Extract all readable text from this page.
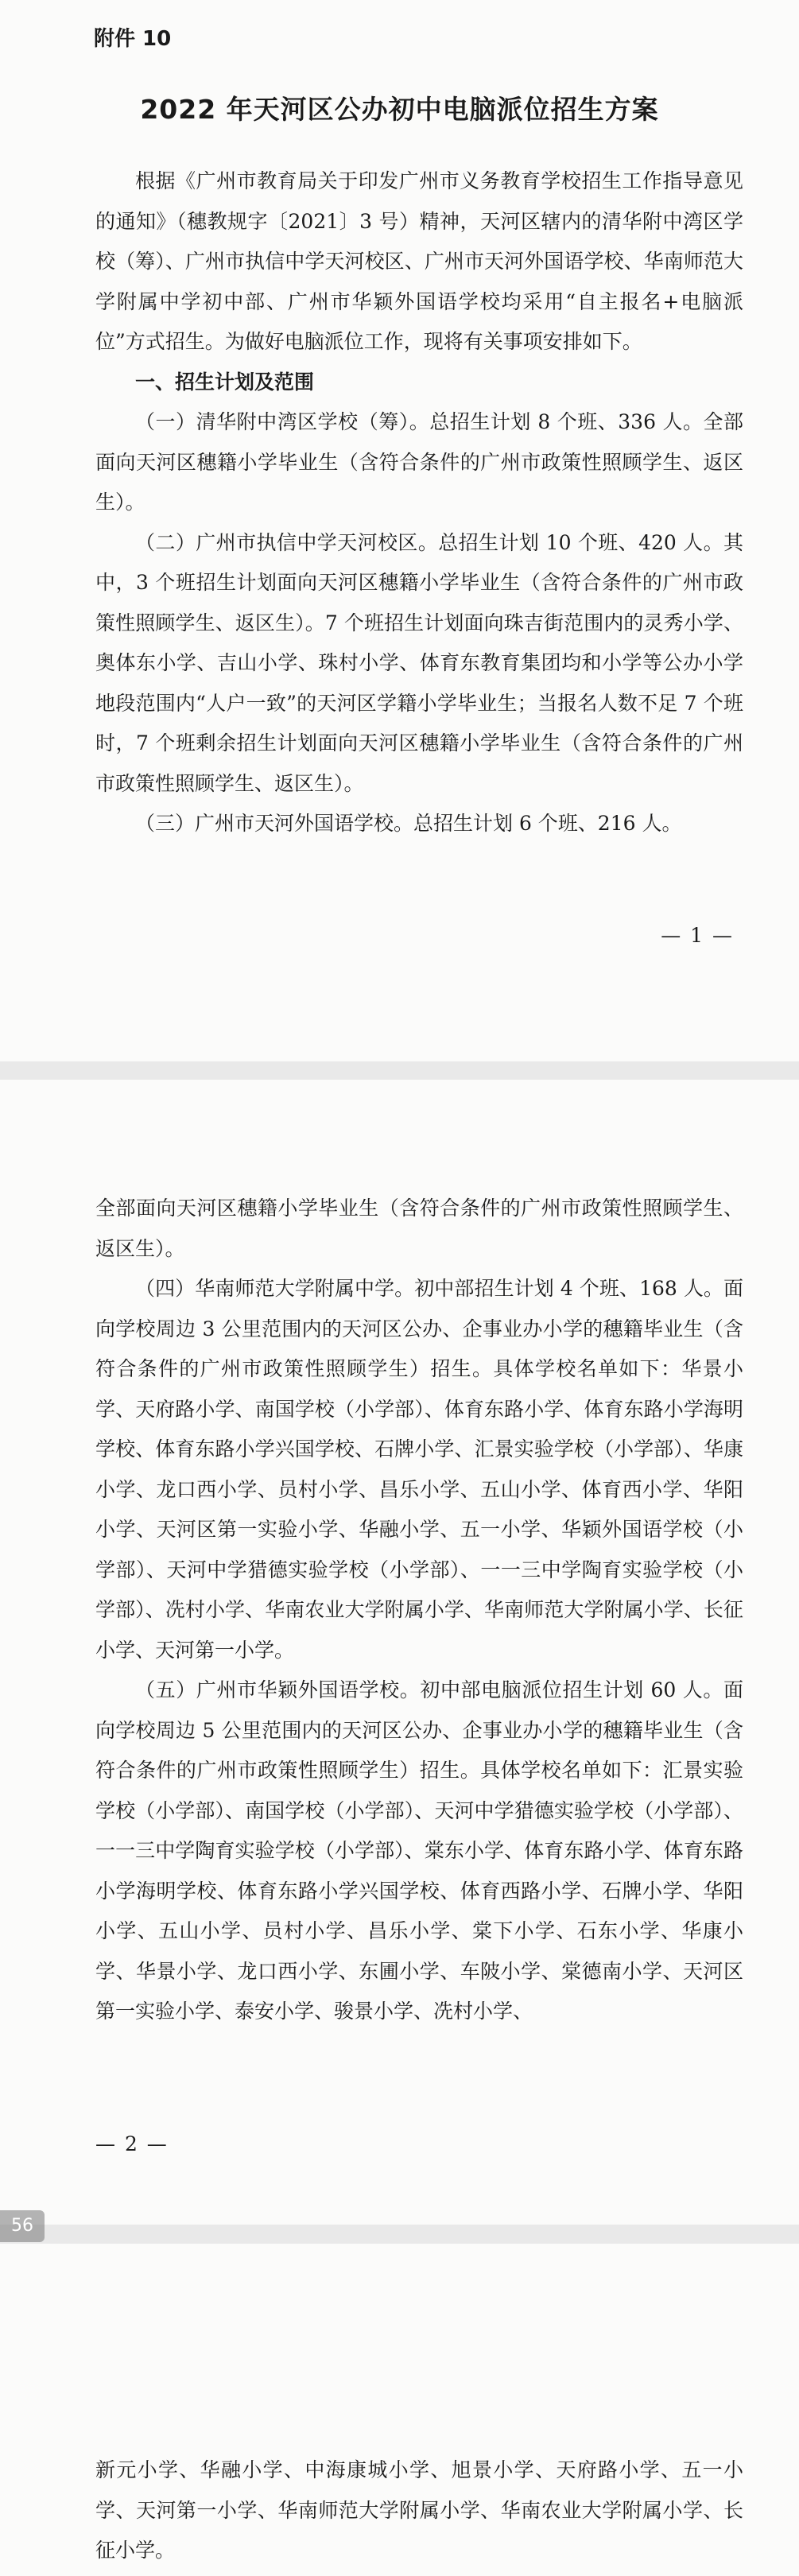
附件 10
2022 年天河区公办初中电脑派位招生方案

根据《广州市教育局关于印发广州市义务教育学校招生工作指导意见的通知》（穗教规字〔2021〕3 号）精神，天河区辖内的清华附中湾区学校（筹）、广州市执信中学天河校区、广州市天河外国语学校、华南师范大学附属中学初中部、广州市华颖外国语学校均采用“自主报名+电脑派位”方式招生。为做好电脑派位工作，现将有关事项安排如下。

一、招生计划及范围

（一）清华附中湾区学校（筹）。总招生计划 8 个班、336 人。全部面向天河区穗籍小学毕业生（含符合条件的广州市政策性照顾学生、返区生）。

（二）广州市执信中学天河校区。总招生计划 10 个班、420 人。其中，3 个班招生计划面向天河区穗籍小学毕业生（含符合条件的广州市政策性照顾学生、返区生）。7 个班招生计划面向珠吉街范围内的灵秀小学、奥体东小学、吉山小学、珠村小学、体育东教育集团均和小学等公办小学地段范围内“人户一致”的天河区学籍小学毕业生；当报名人数不足 7 个班时，7 个班剩余招生计划面向天河区穗籍小学毕业生（含符合条件的广州市政策性照顾学生、返区生）。

（三）广州市天河外国语学校。总招生计划 6 个班、216 人。

— 1 —

全部面向天河区穗籍小学毕业生（含符合条件的广州市政策性照顾学生、返区生）。

（四）华南师范大学附属中学。初中部招生计划 4 个班、168 人。面向学校周边 3 公里范围内的天河区公办、企事业办小学的穗籍毕业生（含符合条件的广州市政策性照顾学生）招生。具体学校名单如下：华景小学、天府路小学、南国学校（小学部）、体育东路小学、体育东路小学海明学校、体育东路小学兴国学校、石牌小学、汇景实验学校（小学部）、华康小学、龙口西小学、员村小学、昌乐小学、五山小学、体育西小学、华阳小学、天河区第一实验小学、华融小学、五一小学、华颖外国语学校（小学部）、天河中学猎德实验学校（小学部）、一一三中学陶育实验学校（小学部）、冼村小学、华南农业大学附属小学、华南师范大学附属小学、长征小学、天河第一小学。

（五）广州市华颖外国语学校。初中部电脑派位招生计划 60 人。面向学校周边 5 公里范围内的天河区公办、企事业办小学的穗籍毕业生（含符合条件的广州市政策性照顾学生）招生。具体学校名单如下：汇景实验学校（小学部）、南国学校（小学部）、天河中学猎德实验学校（小学部）、一一三中学陶育实验学校（小学部）、棠东小学、体育东路小学、体育东路小学海明学校、体育东路小学兴国学校、体育西路小学、石牌小学、华阳小学、五山小学、员村小学、昌乐小学、棠下小学、石东小学、华康小学、华景小学、龙口西小学、东圃小学、车陂小学、棠德南小学、天河区第一实验小学、泰安小学、骏景小学、冼村小学、

— 2 —
56

新元小学、华融小学、中海康城小学、旭景小学、天府路小学、五一小学、天河第一小学、华南师范大学附属小学、华南农业大学附属小学、长征小学。
